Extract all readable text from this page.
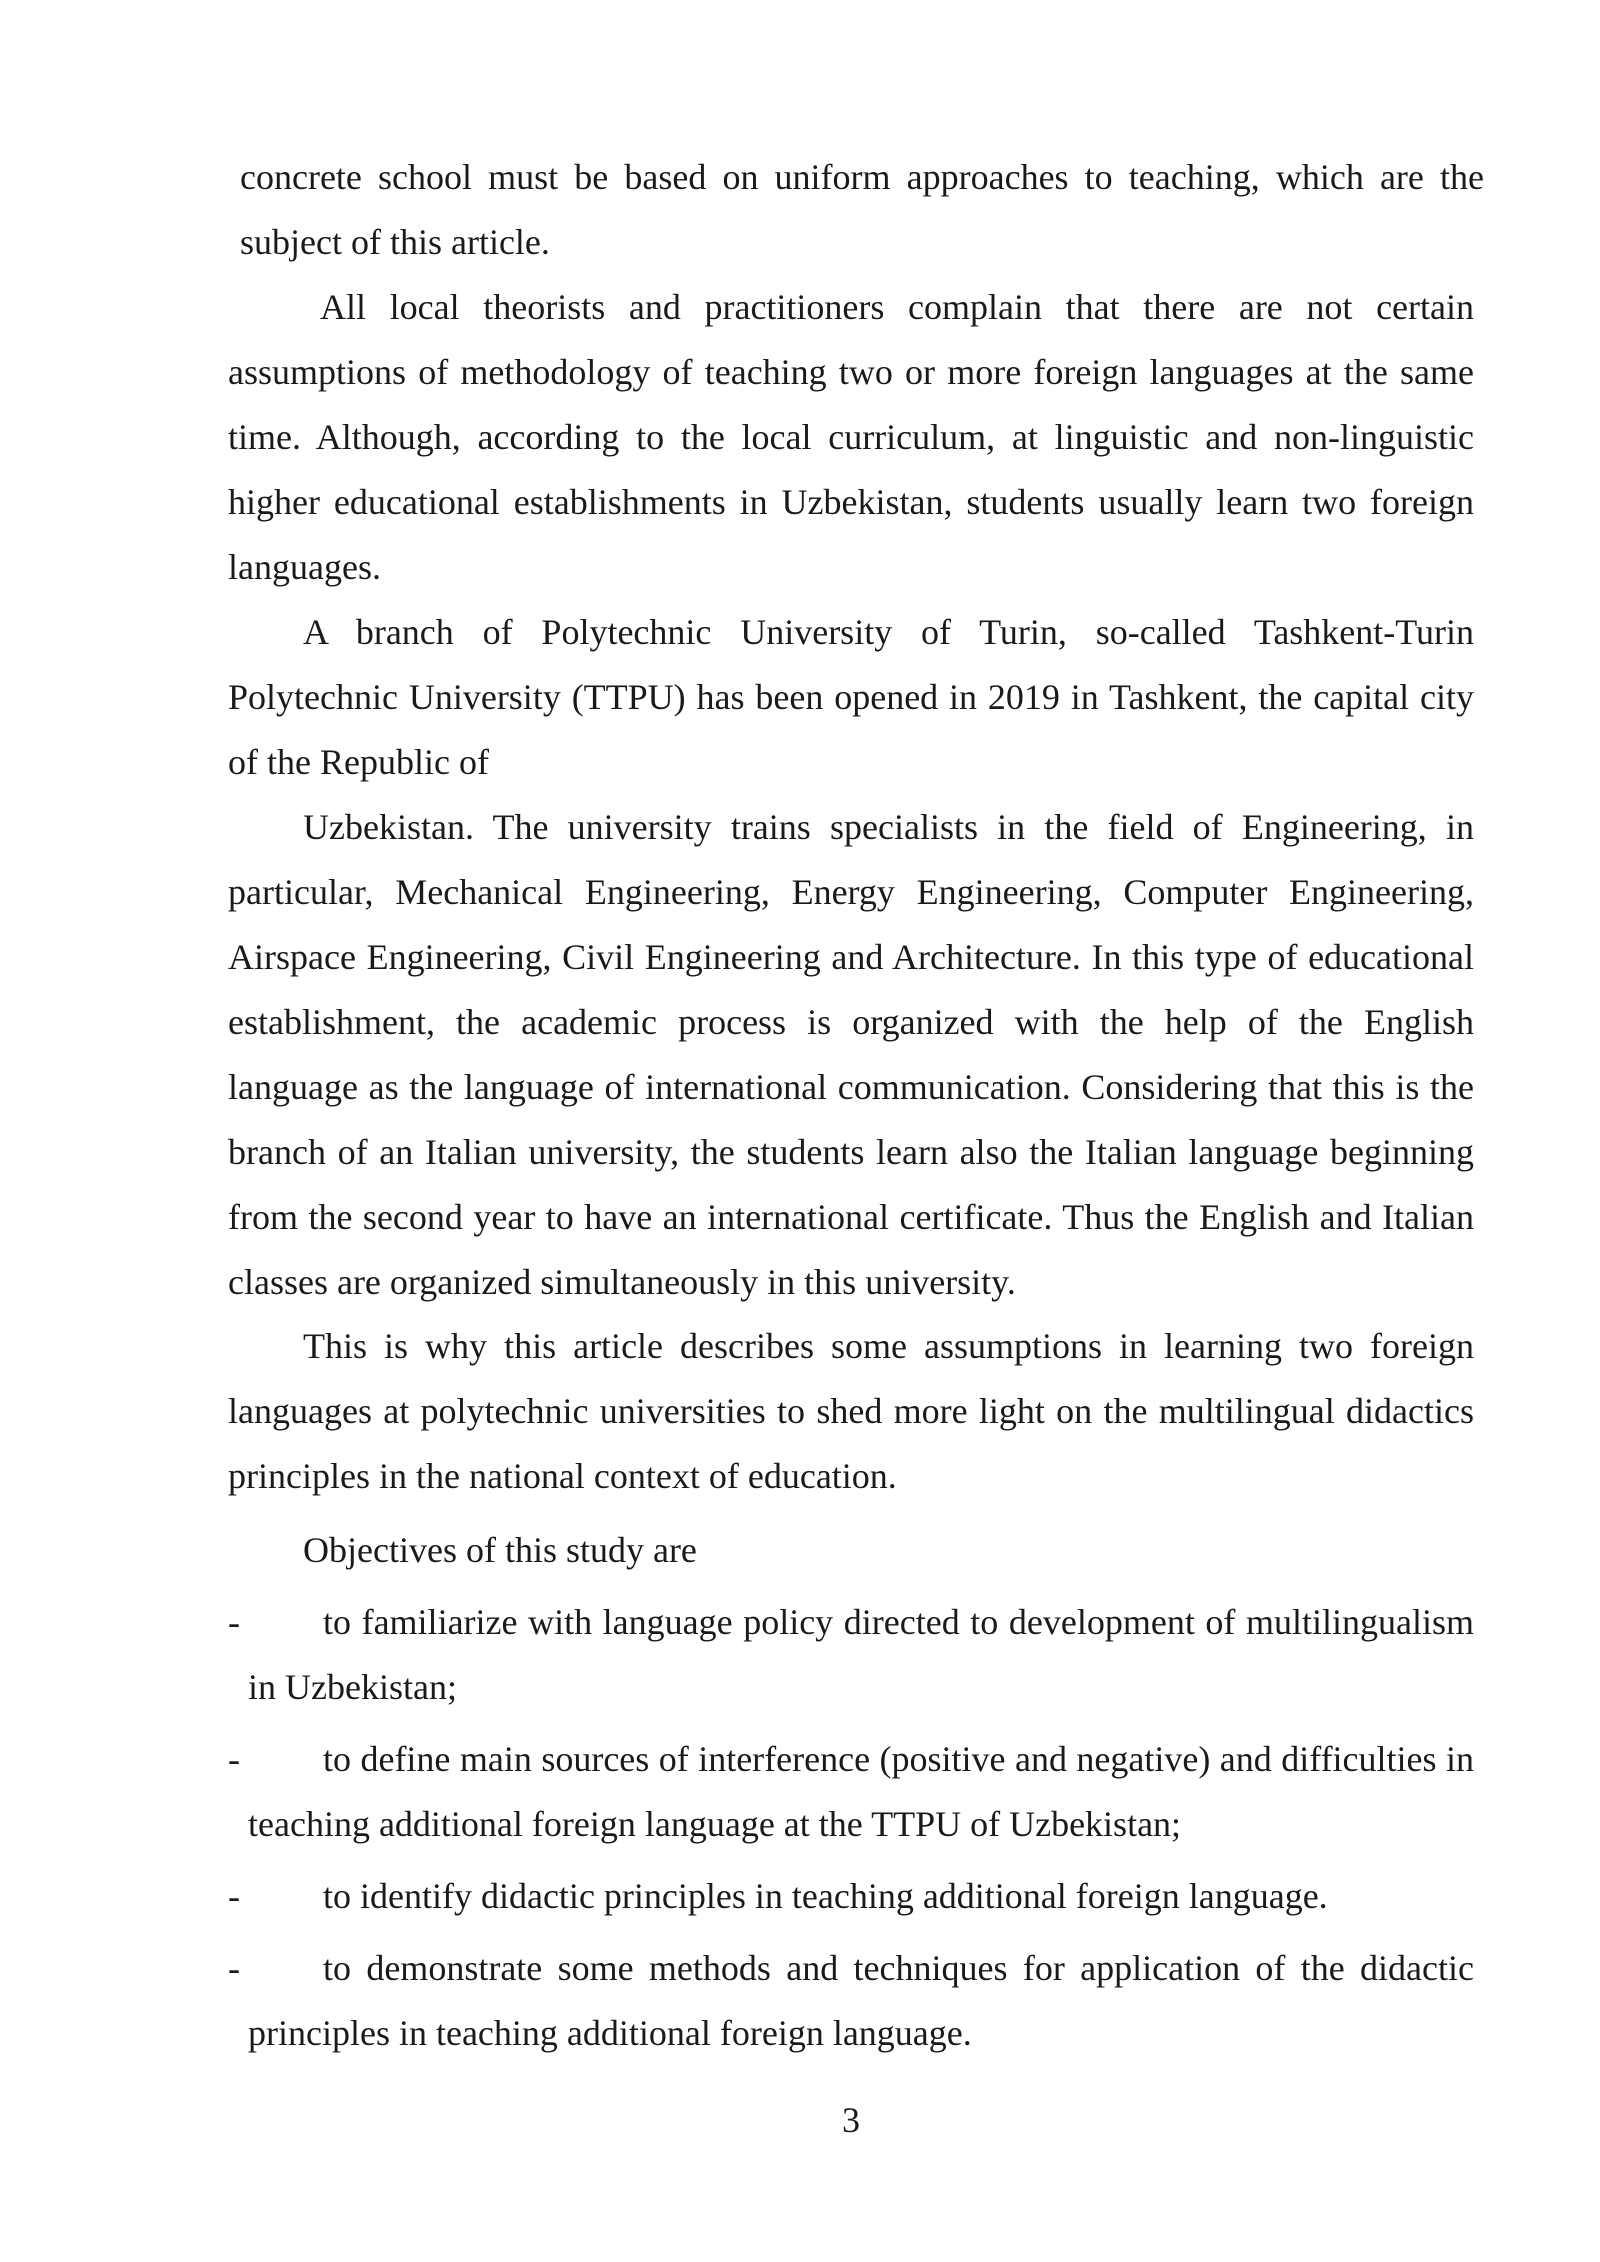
concrete school must be based on uniform approaches to teaching, which are the subject of this article.

All local theorists and practitioners complain that there are not certain assumptions of methodology of teaching two or more foreign languages at the same time. Although, according to the local curriculum, at linguistic and non-linguistic higher educational establishments in Uzbekistan, students usually learn two foreign languages.

A branch of Polytechnic University of Turin, so-called Tashkent-Turin Polytechnic University (TTPU) has been opened in 2019 in Tashkent, the capital city of the Republic of

Uzbekistan. The university trains specialists in the field of Engineering, in particular, Mechanical Engineering, Energy Engineering, Computer Engineering, Airspace Engineering, Civil Engineering and Architecture. In this type of educational establishment, the academic process is organized with the help of the English language as the language of international communication. Considering that this is the branch of an Italian university, the students learn also the Italian language beginning from the second year to have an international certificate. Thus the English and Italian classes are organized simultaneously in this university.

This is why this article describes some assumptions in learning two foreign languages at polytechnic universities to shed more light on the multilingual didactics principles in the national context of education.

Objectives of this study are

-	to familiarize with language policy directed to development of multilingualism in Uzbekistan;
-	to define main sources of interference (positive and negative) and difficulties in teaching additional foreign language at the TTPU of Uzbekistan;
-	to identify didactic principles in teaching additional foreign language.
-	to demonstrate some methods and techniques for application of the didactic principles in teaching additional foreign language.
3
